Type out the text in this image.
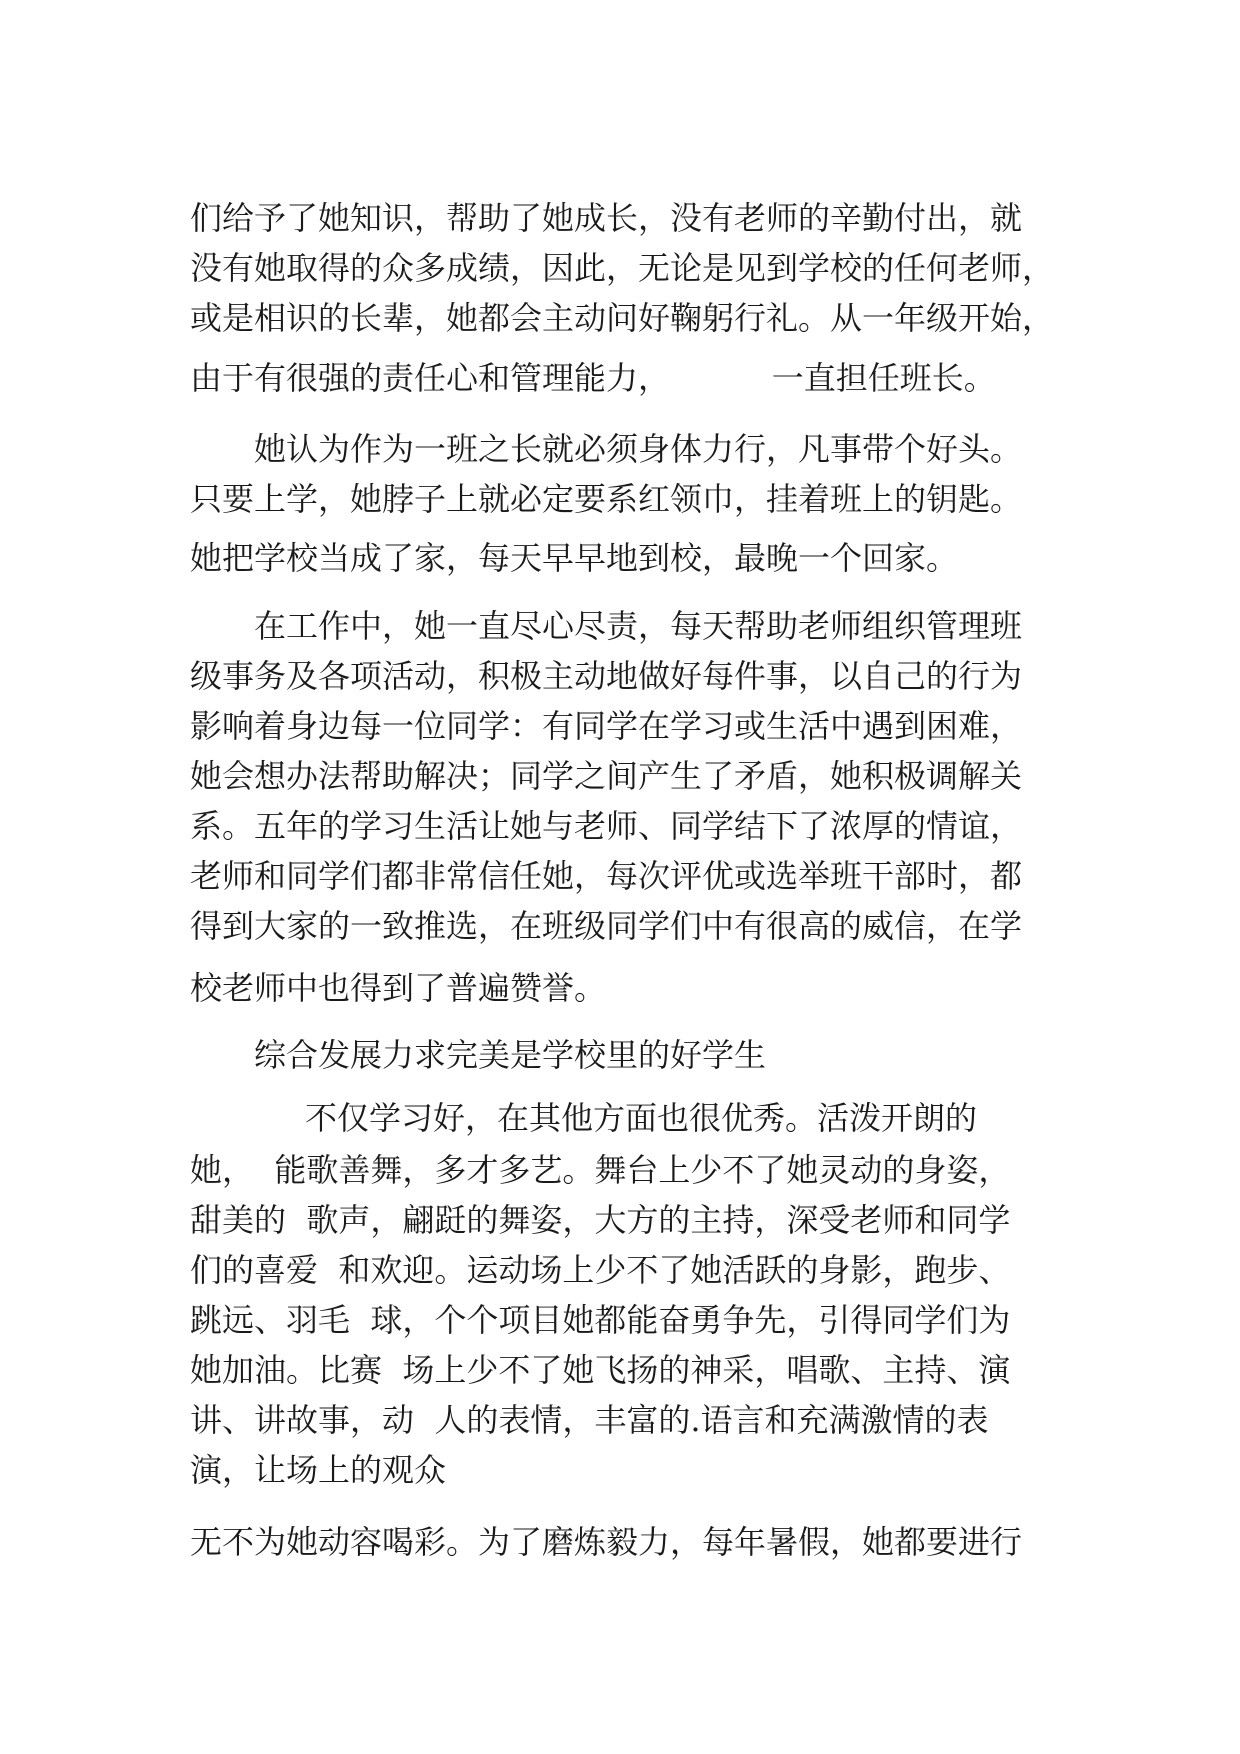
们给予了她知识，帮助了她成长，没有老师的辛勤付出，就

没有她取得的众多成绩，因此，无论是见到学校的任何老师，

或是相识的长辈，她都会主动问好鞠躬行礼。从一年级开始，

由于有很强的责任心和管理能力，          一直担任班长。

她认为作为一班之长就必须身体力行，凡事带个好头。

只要上学，她脖子上就必定要系红领巾，挂着班上的钥匙。

她把学校当成了家，每天早早地到校，最晚一个回家。

在工作中，她一直尽心尽责，每天帮助老师组织管理班

级事务及各项活动，积极主动地做好每件事，以自己的行为

影响着身边每一位同学：有同学在学习或生活中遇到困难，

她会想办法帮助解决；同学之间产生了矛盾，她积极调解关

系。五年的学习生活让她与老师、同学结下了浓厚的情谊，

老师和同学们都非常信任她，每次评优或选举班干部时，都

得到大家的一致推选，在班级同学们中有很高的威信，在学

校老师中也得到了普遍赞誉。

综合发展力求完美是学校里的好学生

不仅学习好，在其他方面也很优秀。活泼开朗的

她，  能歌善舞，多才多艺。舞台上少不了她灵动的身姿，

甜美的  歌声，翩跹的舞姿，大方的主持，深受老师和同学

们的喜爱  和欢迎。运动场上少不了她活跃的身影，跑步、

跳远、羽毛  球，个个项目她都能奋勇争先，引得同学们为

她加油。比赛  场上少不了她飞扬的神采，唱歌、主持、演

讲、讲故事，动  人的表情，丰富的.语言和充满激情的表

演，让场上的观众

无不为她动容喝彩。为了磨炼毅力，每年暑假，她都要进行
